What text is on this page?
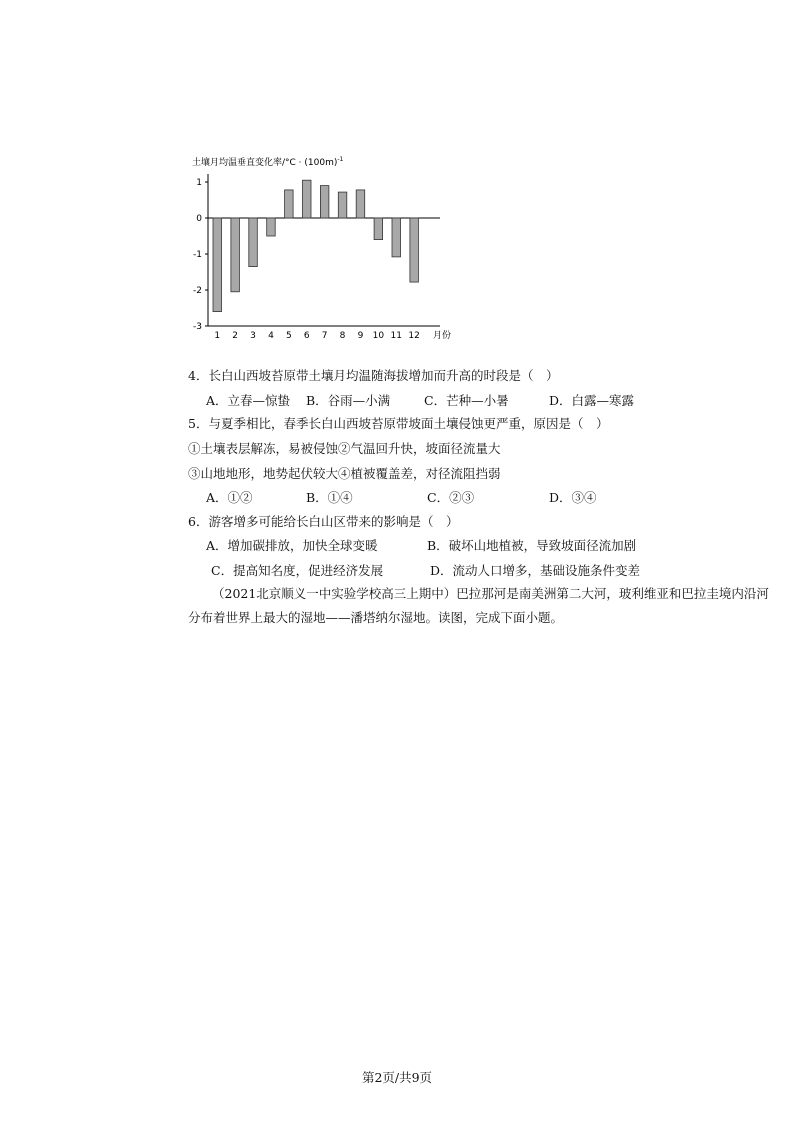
土壤月均温垂直变化率$/^\circ C \cdot (100m)^{-1}$
1
0
-1
-2
-3
1 2 3 4 5 6 7 8 9 10 11 12 月份
4．长白山西坡苔原带土壤月均温随海拔增加而升高的时段是（　）
A．立春—惊蛰 B．谷雨—小满	C．芒种—小暑	D．白露—寒露
5．与夏季相比，春季长白山西坡苔原带坡面土壤侵蚀更严重，原因是（　）
①土壤表层解冻，易被侵蚀②气温回升快，坡面径流量大
③山地地形，地势起伏较大④植被覆盖差，对径流阻挡弱
A．①②	B．①④	C．②③	D．③④
6．游客增多可能给长白山区带来的影响是（　）
A．增加碳排放，加快全球变暖	B．破坏山地植被，导致坡面径流加剧
C．提高知名度，促进经济发展	D．流动人口增多，基础设施条件变差

（2021北京顺义一中实验学校高三上期中）巴拉那河是南美洲第二大河，玻利维亚和巴拉圭境内沿河

分布着世界上最大的湿地——潘塔纳尔湿地。读图，完成下面小题。

第2页/共9页
